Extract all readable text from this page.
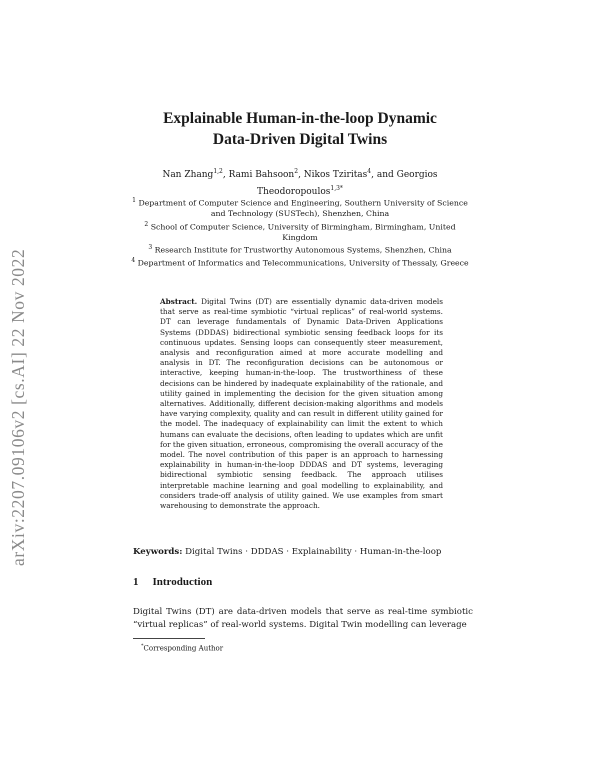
arXiv:2207.09106v2 [cs.AI] 22 Nov 2022
Explainable Human-in-the-loop Dynamic
Data-Driven Digital Twins
Nan Zhang$^{1,2}$, Rami Bahsoon$^2$, Nikos Tziritas$^4$, and Georgios
Theodoropoulos$^{1,3*}$

$^1$ Department of Computer Science and Engineering, Southern University of Science and Technology (SUSTech), Shenzhen, China

$^2$ School of Computer Science, University of Birmingham, Birmingham, United Kingdom

$^3$ Research Institute for Trustworthy Autonomous Systems, Shenzhen, China

$^4$ Department of Informatics and Telecommunications, University of Thessaly, Greece

Abstract. Digital Twins (DT) are essentially dynamic data-driven models that serve as real-time symbiotic “virtual replicas” of real-world systems. DT can leverage fundamentals of Dynamic Data-Driven Applications Systems (DDDAS) bidirectional symbiotic sensing feedback loops for its continuous updates. Sensing loops can consequently steer measurement, analysis and reconfiguration aimed at more accurate modelling and analysis in DT. The reconfiguration decisions can be autonomous or interactive, keeping human-in-the-loop. The trustworthiness of these decisions can be hindered by inadequate explainability of the rationale, and utility gained in implementing the decision for the given situation among alternatives. Additionally, different decision-making algorithms and models have varying complexity, quality and can result in different utility gained for the model. The inadequacy of explainability can limit the extent to which humans can evaluate the decisions, often leading to updates which are unfit for the given situation, erroneous, compromising the overall accuracy of the model. The novel contribution of this paper is an approach to harnessing explainability in human-in-the-loop DDDAS and DT systems, leveraging bidirectional symbiotic sensing feedback. The approach utilises interpretable machine learning and goal modelling to explainability, and considers trade-off analysis of utility gained. We use examples from smart warehousing to demonstrate the approach.

Keywords: Digital Twins · DDDAS · Explainability · Human-in-the-loop
1 Introduction

Digital Twins (DT) are data-driven models that serve as real-time symbiotic “virtual replicas” of real-world systems. Digital Twin modelling can leverage

*Corresponding Author
